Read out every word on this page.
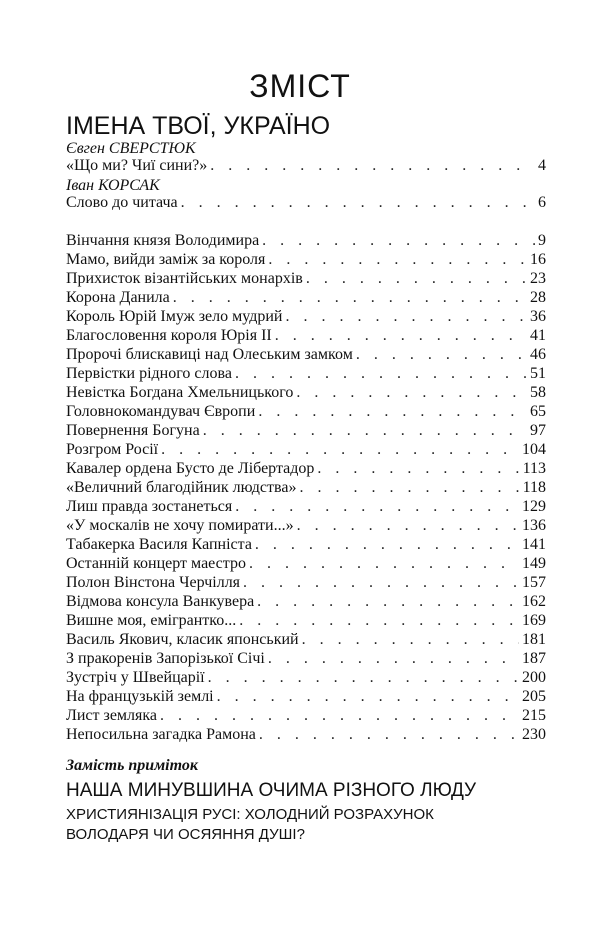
ЗМІСТ
ІМЕНА ТВОЇ, УКРАЇНО
Євген СВЕРСТЮК
«Що ми? Чиї сини?» . . .	4
Іван КОРСАК
Слово до читача . . .	6
Вінчання князя Володимира . . .	9
Мамо, вийди заміж за короля . . .	16
Прихисток візантійських монархів . . .	23
Корона Данила . . .	28
Король Юрій Імуж зело мудрий . . .	36
Благословення короля Юрія II . . .	41
Пророчі блискавиці над Олеським замком . . .	46
Первістки рідного слова . . .	51
Невістка Богдана Хмельницького . . .	58
Головнокомандувач Європи . . .	65
Повернення Богуна . . .	97
Розгром Росії . . .	104
Кавалер ордена Бусто де Лібертадор . . .	113
«Величний благодійник людства» . . .	118
Лиш правда зостанеться . . .	129
«У москалів не хочу помирати...» . . .	136
Табакерка Василя Капніста . . .	141
Останній концерт маестро . . .	149
Полон Вінстона Черчілля . . .	157
Відмова консула Ванкувера . . .	162
Вишне моя, емігрантко... . . .	169
Василь Якович, класик японський . . .	181
З пракоренів Запорізької Січі . . .	187
Зустріч у Швейцарії . . .	200
На французькій землі . . .	205
Лист земляка . . .	215
Непосильна загадка Рамона . . .	230
Замість приміток
НАША МИНУВШИНА ОЧИМА РІЗНОГО ЛЮДУ
ХРИСТИЯНІЗАЦІЯ РУСІ: ХОЛОДНИЙ РОЗРАХУНОК
ВОЛОДАРЯ ЧИ ОСЯЯННЯ ДУШІ?
